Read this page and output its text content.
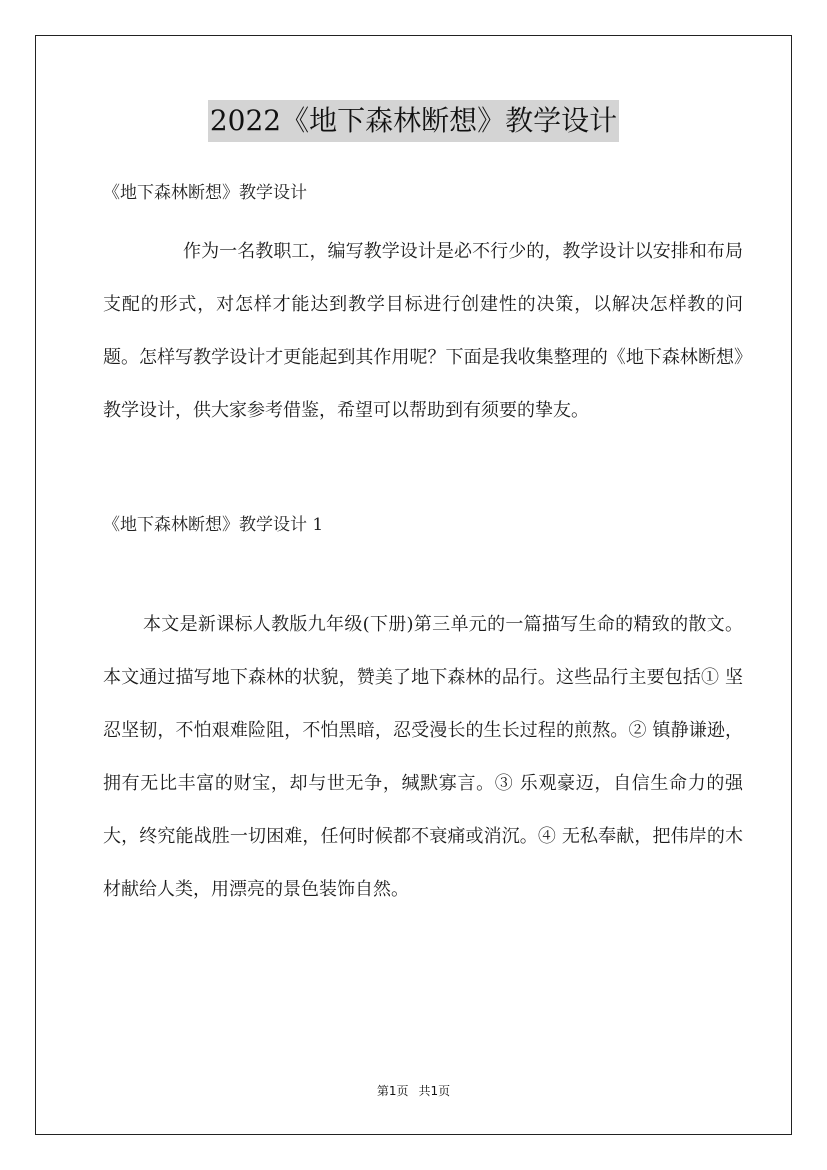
2022《地下森林断想》教学设计

《地下森林断想》教学设计

作为一名教职工，编写教学设计是必不行少的，教学设计以安排和布局支配的形式，对怎样才能达到教学目标进行创建性的决策，以解决怎样教的问题。怎样写教学设计才更能起到其作用呢？下面是我收集整理的《地下森林断想》教学设计，供大家参考借鉴，希望可以帮助到有须要的挚友。

《地下森林断想》教学设计 1

本文是新课标人教版九年级(下册)第三单元的一篇描写生命的精致的散文。本文通过描写地下森林的状貌，赞美了地下森林的品行。这些品行主要包括① 坚忍坚韧，不怕艰难险阻，不怕黑暗，忍受漫长的生长过程的煎熬。② 镇静谦逊，拥有无比丰富的财宝，却与世无争，缄默寡言。③ 乐观豪迈，自信生命力的强大，终究能战胜一切困难，任何时候都不衰痛或消沉。④ 无私奉献，把伟岸的木材献给人类，用漂亮的景色装饰自然。

第1页 共1页
